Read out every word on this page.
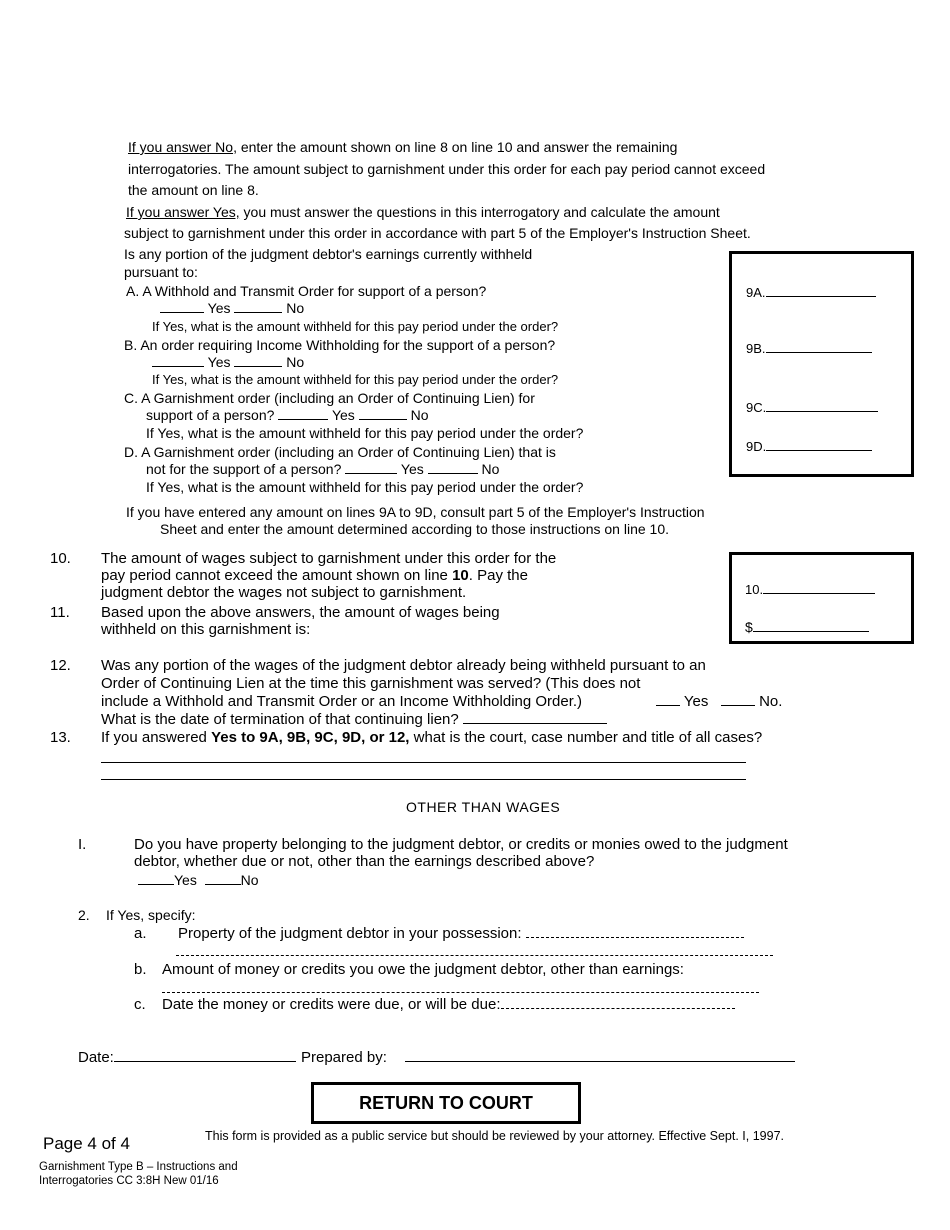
If you answer No, enter the amount shown on line 8 on line 10 and answer the remaining
interrogatories. The amount subject to garnishment under this order for each pay period cannot exceed
the amount on line 8.
If you answer Yes, you must answer the questions in this interrogatory and calculate the amount
subject to garnishment under this order in accordance with part 5 of the Employer's Instruction Sheet.
Is any portion of the judgment debtor's earnings currently withheld
pursuant to:
A. A Withhold and Transmit Order for support of a person?
Yes	No
If Yes, what is the amount withheld for this pay period under the order?
B. An order requiring Income Withholding for the support of a person?
Yes	No
If Yes, what is the amount withheld for this pay period under the order?
C. A Garnishment order (including an Order of Continuing Lien) for
support of a person?	Yes	No
If Yes, what is the amount withheld for this pay period under the order?
D. A Garnishment order (including an Order of Continuing Lien) that is
not for the support of a person?	Yes	No
If Yes, what is the amount withheld for this pay period under the order?
If you have entered any amount on lines 9A to 9D, consult part 5 of the Employer's Instruction
Sheet and enter the amount determined according to those instructions on line 10.
9A.
9B.
9C.
9D.
10. The amount of wages subject to garnishment under this order for the
pay period cannot exceed the amount shown on line 10. Pay the
judgment debtor the wages not subject to garnishment.
11. Based upon the above answers, the amount of wages being
withheld on this garnishment is:
10.
$
12. Was any portion of the wages of the judgment debtor already being withheld pursuant to an
Order of Continuing Lien at the time this garnishment was served? (This does not
include a Withhold and Transmit Order or an Income Withholding Order.)	Yes	No.
What is the date of termination of that continuing lien?
13. If you answered Yes to 9A, 9B, 9C, 9D, or 12, what is the court, case number and title of all cases?
OTHER THAN WAGES
I.	Do you have property belonging to the judgment debtor, or credits or monies owed to the judgment
debtor, whether due or not, other than the earnings described above?
Yes	No
2. If Yes, specify:
a. Property of the judgment debtor in your possession:
b. Amount of money or credits you owe the judgment debtor, other than earnings:
c. Date the money or credits were due, or will be due:
Date:	Prepared by:
RETURN TO COURT
Page 4 of 4	This form is provided as a public service but should be reviewed by your attorney. Effective Sept. I, 1997.
Garnishment Type B – Instructions and
Interrogatories CC 3:8H New 01/16
